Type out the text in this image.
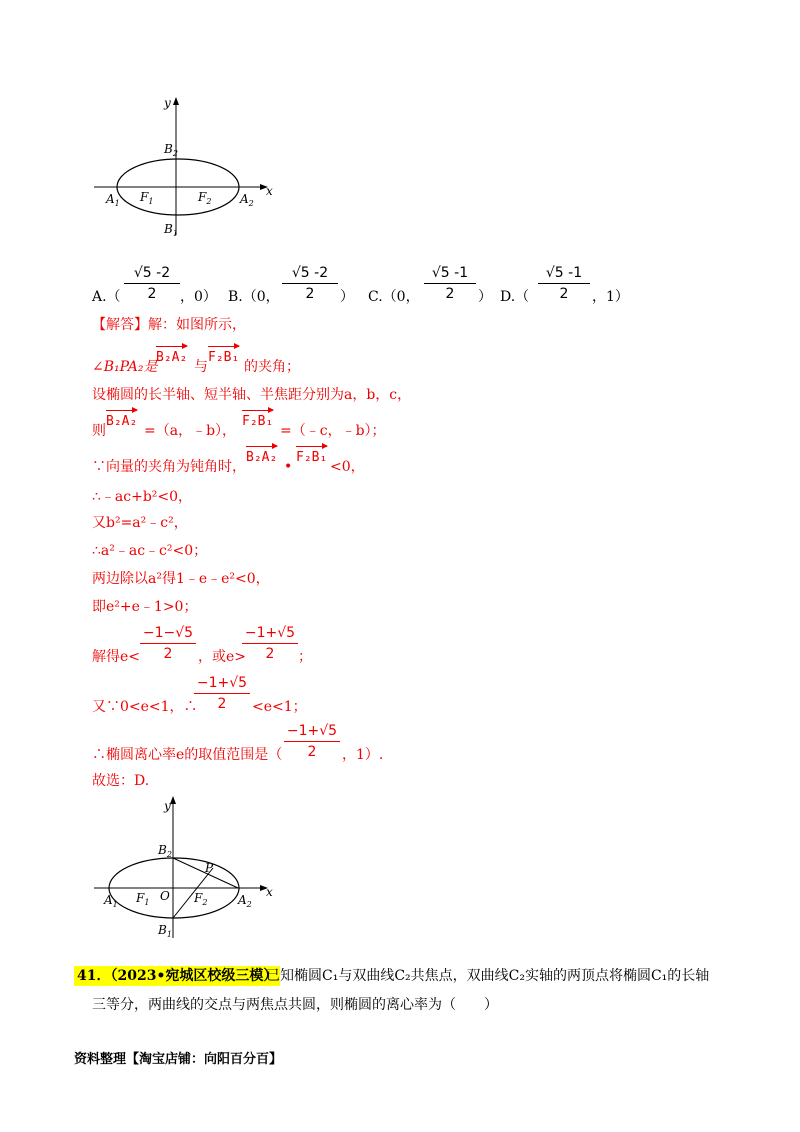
y
x
$B_2$
$B_1$
$A_1$	$A_2$
$F_1$	$F_2$
A.（
√5 -2
2	，0） B.（0，
√5 -2
2	） C.（0，
√5 -1
2	） D.（
√5 -1
2	，1）
【解答】解：如图所示，
∠B₁PA₂是
B₂A₂
与
F₂B₁
的夹角；
设椭圆的长半轴、短半轴、半焦距分别为a，b，c，
则
B₂A₂
=（a，﹣b），
F₂B₁
=（﹣c，﹣b）；
∵向量的夹角为钝角时，
B₂A₂
•
F₂B₁
<0，
∴﹣ac+b²<0，
又b²=a²﹣c²，
∴a²﹣ac﹣c²<0；
两边除以a²得1﹣e﹣e²<0，
即e²+e﹣1>0；
解得e<
−1−√5
2	，或e>
−1+√5
2	；
又∵0<e<1，∴
−1+√5
2	<e<1；
∴椭圆离心率e的取值范围是（
−1+√5
2	，1）.
故选：D.
y
x
$B_2$
$B_1$
$A_1$	$A_2$
$F_1$	$F_2$
O
P
41．（2023•宛城区校级三模）
已知椭圆C₁与双曲线C₂共焦点，双曲线C₂实轴的两顶点将椭圆C₁的长轴
三等分，两曲线的交点与两焦点共圆，则椭圆的离心率为（　　）
资料整理【淘宝店铺：向阳百分百】
